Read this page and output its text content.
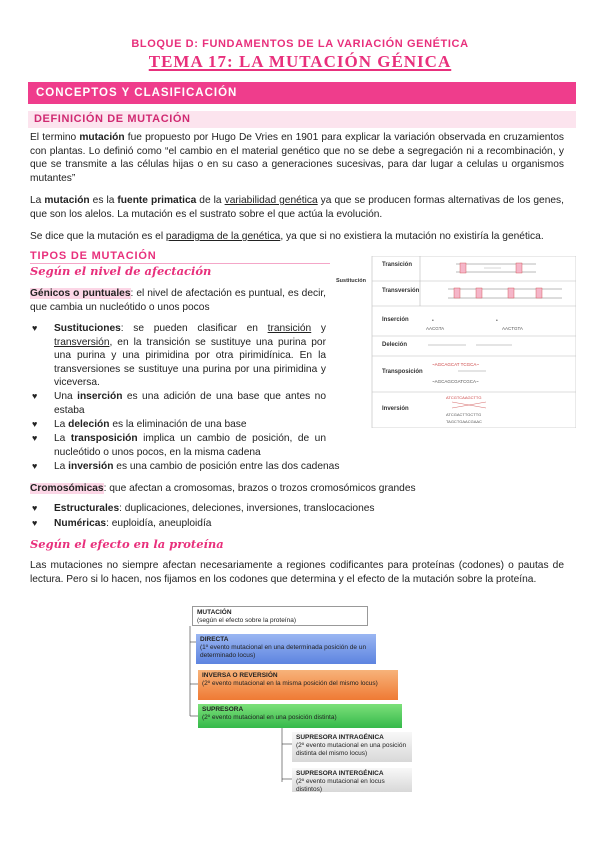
BLOQUE D: FUNDAMENTOS DE LA VARIACIÓN GENÉTICA
TEMA 17: LA MUTACIÓN GÉNICA
CONCEPTOS Y CLASIFICACIÓN
DEFINICIÓN DE MUTACIÓN
El termino mutación fue propuesto por Hugo De Vries en 1901 para explicar la variación observada en cruzamientos con plantas. Lo definió como “el cambio en el material genético que no se debe a segregación ni a recombinación, y que se transmite a las células hijas o en su caso a generaciones sucesivas, para dar lugar a celulas u organismos mutantes”
La mutación es la fuente primatica de la variabilidad genética ya que se producen formas alternativas de los genes, que son los alelos. La mutación es el sustrato sobre el que actúa la evolución.
Se dice que la mutación es el paradigma de la genética, ya que si no existiera la mutación no existiría la genética.
TIPOS DE MUTACIÓN
Según el nivel de afectación
Génicos o puntuales: el nivel de afectación es puntual, es decir, que cambia un nucleótido o unos pocos
♥ Sustituciones: se pueden clasificar en transición y transversión, en la transición se sustituye una purina por una purina y una pirimidina por otra pirimidínica. En la transversiones se sustituye una purina por una pirimidina y viceversa.
♥ Una inserción es una adición de una base que antes no estaba
♥ La deleción es la eliminación de una base
♥ La transposición implica un cambio de posición, de un nucleótido o unos pocos, en la misma cadena
♥ La inversión es una cambio de posición entre las dos cadenas
Cromosómicas: que afectan a cromosomas, brazos o trozos cromosómicos grandes
♥ Estructurales: duplicaciones, deleciones, inversiones, translocaciones
♥ Numéricas: euploidía, aneuploidía
Según el efecto en la proteína
Las mutaciones no siempre afectan necesariamente a regiones codificantes para proteínas (codones) o pautas de lectura. Pero si lo hacen, nos fijamos en los codones que determina y el efecto de la mutación sobre la proteína.
•
AACGTA
•
AACTGTA
~AGCAGCAT TCGCA~
~AGCAGCGATCGCA~
ATCGTCAAGCTTG
ATCGACTTGCTTG
TAGCTGAACGAAC
Sustitución
Transición
Transversión
Inserción
Deleción
Transposición
Inversión
MUTACIÓN
(según el efecto sobre la proteína)
DIRECTA
(1º evento mutacional en una determinada posición de un determinado locus)
INVERSA O REVERSIÓN
(2º evento mutacional en la misma posición del mismo locus)
SUPRESORA
(2º evento mutacional en una posición distinta)
SUPRESORA INTRAGÉNICA
(2º evento mutacional en una posición distinta del mismo locus)
SUPRESORA INTERGÉNICA
(2º evento mutacional en locus distintos)
